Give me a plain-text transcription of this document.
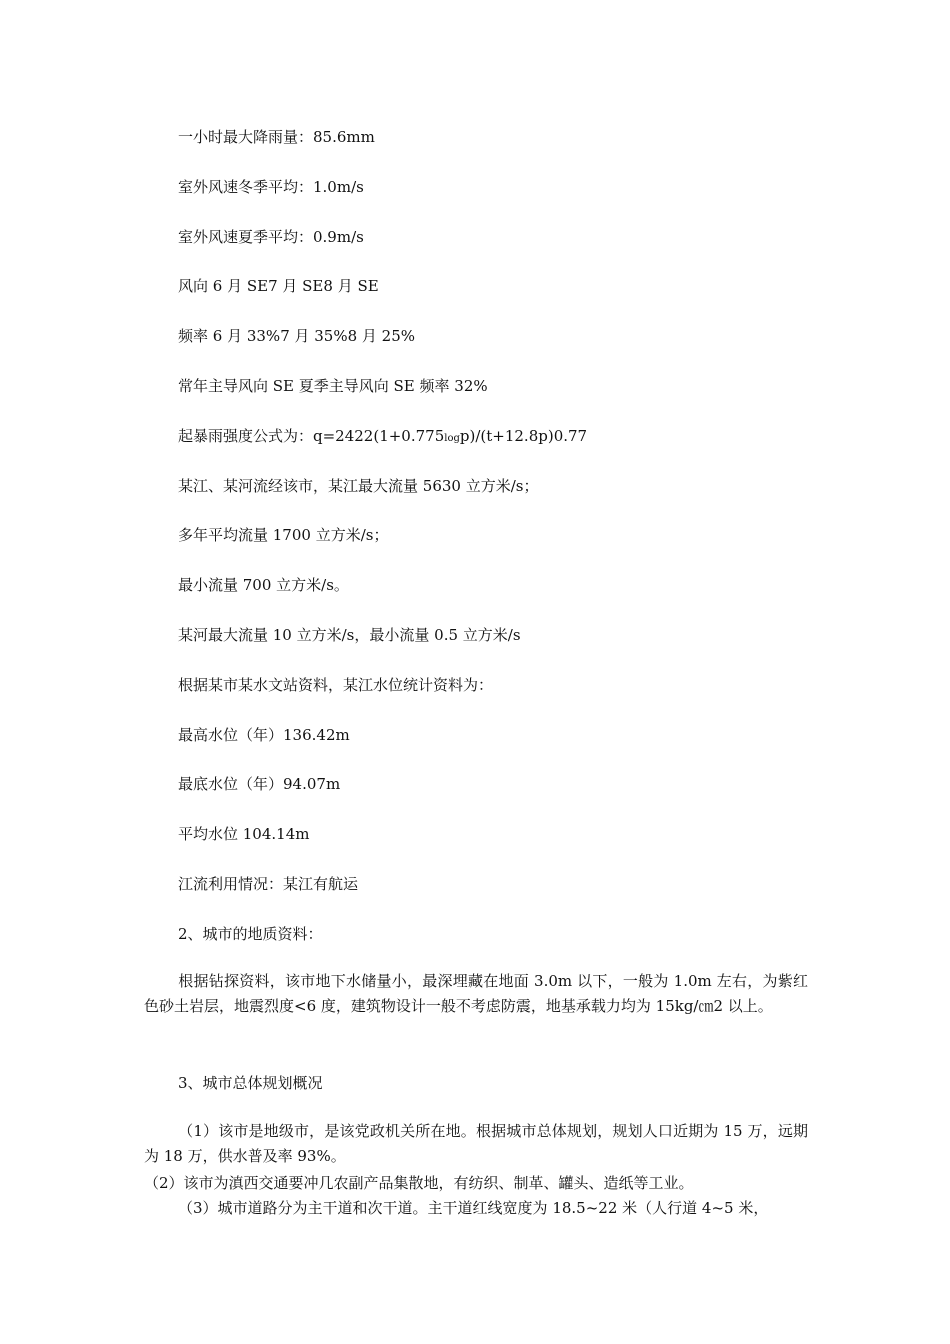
一小时最大降雨量：85.6mm
室外风速冬季平均：1.0m/s
室外风速夏季平均：0.9m/s
风向 6 月 SE7 月 SE8 月 SE
频率 6 月 33%7 月 35%8 月 25%
常年主导风向 SE 夏季主导风向 SE 频率 32%
起暴雨强度公式为：q=2422(1+0.775logp)/(t+12.8p)0.77
某江、某河流经该市，某江最大流量 5630 立方米/s；
多年平均流量 1700 立方米/s；
最小流量 700 立方米/s。
某河最大流量 10 立方米/s，最小流量 0.5 立方米/s
根据某市某水文站资料，某江水位统计资料为：
最高水位（年）136.42m
最底水位（年）94.07m
平均水位 104.14m
江流利用情况：某江有航运
2、城市的地质资料：
根据钻探资料，该市地下水储量小，最深埋藏在地面 3.0m 以下，一般为 1.0m 左右，为紫红色砂土岩层，地震烈度<6 度，建筑物设计一般不考虑防震，地基承载力均为 15kg/㎝2 以上。
3、城市总体规划概况
（1）该市是地级市，是该党政机关所在地。根据城市总体规划，规划人口近期为 15 万，远期为 18 万，供水普及率 93%。
（2）该市为滇西交通要冲几农副产品集散地，有纺织、制革、罐头、造纸等工业。
（3）城市道路分为主干道和次干道。主干道红线宽度为 18.5~22 米（人行道 4~5 米，
